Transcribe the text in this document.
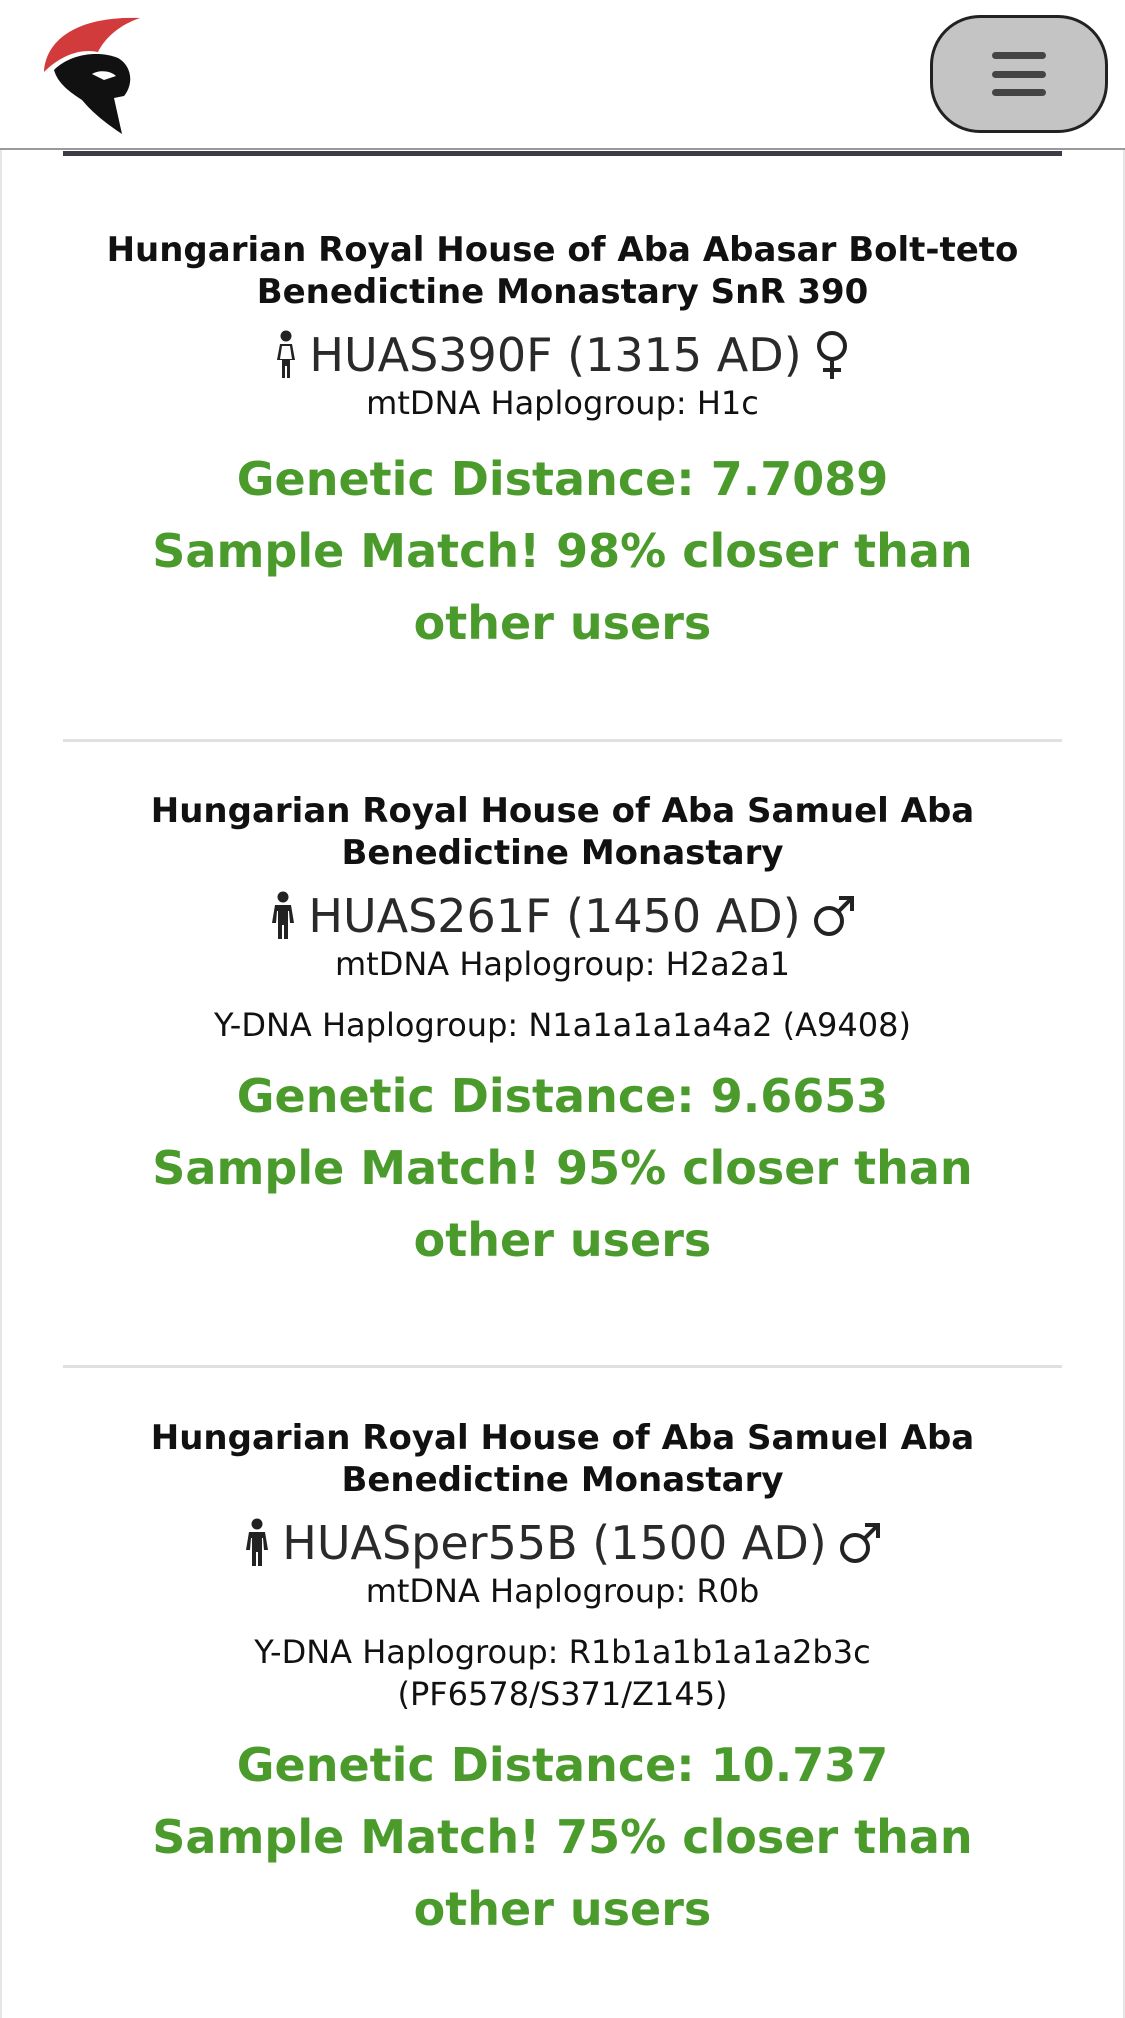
Hungarian Royal House of Aba Abasar Bolt-teto Benedictine Monastary SnR 390
HUAS390F (1315 AD)
mtDNA Haplogroup: H1c
Genetic Distance: 7.7089
Sample Match! 98% closer than other users
Hungarian Royal House of Aba Samuel Aba Benedictine Monastary
HUAS261F (1450 AD)
mtDNA Haplogroup: H2a2a1
Y-DNA Haplogroup: N1a1a1a1a4a2 (A9408)
Genetic Distance: 9.6653
Sample Match! 95% closer than other users
Hungarian Royal House of Aba Samuel Aba Benedictine Monastary
HUASper55B (1500 AD)
mtDNA Haplogroup: R0b
Y-DNA Haplogroup: R1b1a1b1a1a2b3c (PF6578/S371/Z145)
Genetic Distance: 10.737
Sample Match! 75% closer than other users
